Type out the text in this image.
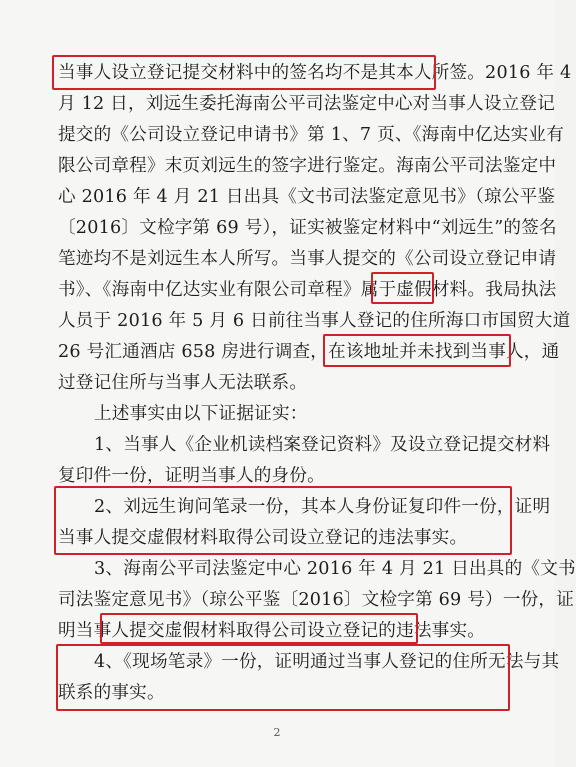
当事人设立登记提交材料中的签名均不是其本人所签。2016 年 4
月 12 日，刘远生委托海南公平司法鉴定中心对当事人设立登记
提交的《公司设立登记申请书》第 1、7 页、《海南中亿达实业有
限公司章程》末页刘远生的签字进行鉴定。海南公平司法鉴定中
心 2016 年 4 月 21 日出具《文书司法鉴定意见书》（琼公平鉴
〔2016〕文检字第 69 号），证实被鉴定材料中“刘远生”的签名
笔迹均不是刘远生本人所写。当事人提交的《公司设立登记申请
书》、《海南中亿达实业有限公司章程》属于虚假材料。我局执法
人员于 2016 年 5 月 6 日前往当事人登记的住所海口市国贸大道
26 号汇通酒店 658 房进行调查，在该地址并未找到当事人，通
过登记住所与当事人无法联系。
上述事实由以下证据证实：
1、当事人《企业机读档案登记资料》及设立登记提交材料
复印件一份，证明当事人的身份。
2、刘远生询问笔录一份，其本人身份证复印件一份，证明
当事人提交虚假材料取得公司设立登记的违法事实。
3、海南公平司法鉴定中心 2016 年 4 月 21 日出具的《文书
司法鉴定意见书》（琼公平鉴〔2016〕文检字第 69 号）一份，证
明当事人提交虚假材料取得公司设立登记的违法事实。
4、《现场笔录》一份，证明通过当事人登记的住所无法与其
联系的事实。
2
